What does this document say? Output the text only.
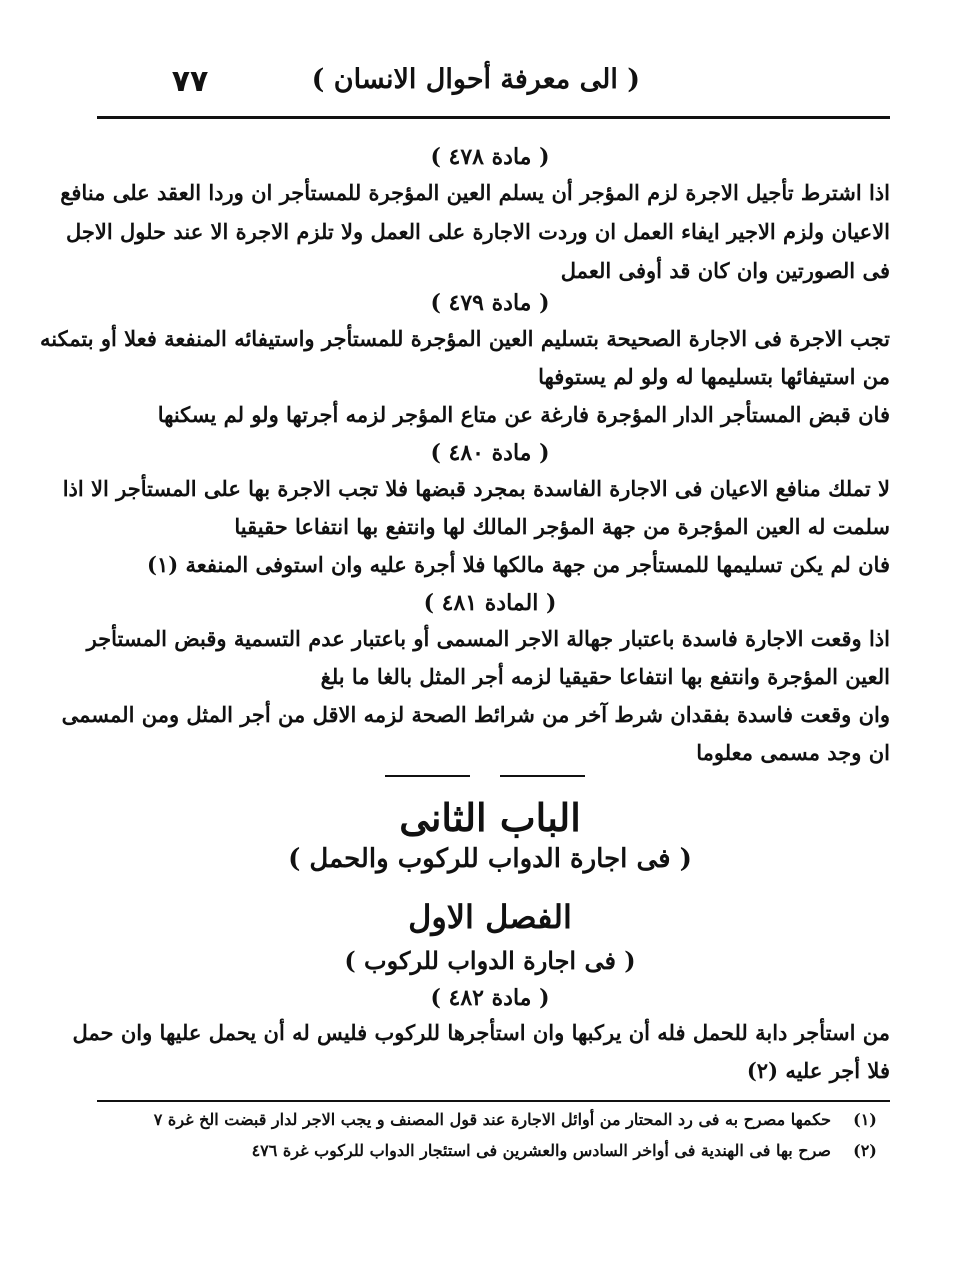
( الى معرفة أحوال الانسان )
٧٧
( مادة ٤٧٨ )
اذا اشترط تأجيل الاجرة لزم المؤجر أن يسلم العين المؤجرة للمستأجر ان وردا العقد على منافع
الاعيان ولزم الاجير ايفاء العمل ان وردت الاجارة على العمل ولا تلزم الاجرة الا عند حلول الاجل
فى الصورتين وان كان قد أوفى العمل
( مادة ٤٧٩ )
تجب الاجرة فى الاجارة الصحيحة بتسليم العين المؤجرة للمستأجر واستيفائه المنفعة فعلا أو بتمكنه
من استيفائها بتسليمها له ولو لم يستوفها
فان قبض المستأجر الدار المؤجرة فارغة عن متاع المؤجر لزمه أجرتها ولو لم يسكنها
( مادة ٤٨٠ )
لا تملك منافع الاعيان فى الاجارة الفاسدة بمجرد قبضها فلا تجب الاجرة بها على المستأجر الا اذا
سلمت له العين المؤجرة من جهة المؤجر المالك لها وانتفع بها انتفاعا حقيقيا
فان لم يكن تسليمها للمستأجر من جهة مالكها فلا أجرة عليه وان استوفى المنفعة (١)
( المادة ٤٨١ )
اذا وقعت الاجارة فاسدة باعتبار جهالة الاجر المسمى أو باعتبار عدم التسمية وقبض المستأجر
العين المؤجرة وانتفع بها انتفاعا حقيقيا لزمه أجر المثل بالغا ما بلغ
وان وقعت فاسدة بفقدان شرط آخر من شرائط الصحة لزمه الاقل من أجر المثل ومن المسمى
ان وجد مسمى معلوما
الباب الثانى
( فى اجارة الدواب للركوب والحمل )
الفصل الاول
( فى اجارة الدواب للركوب )
( مادة ٤٨٢ )
من استأجر دابة للحمل فله أن يركبها وان استأجرها للركوب فليس له أن يحمل عليها وان حمل
فلا أجر عليه (٢)
(١)حكمها مصرح به فى رد المحتار من أوائل الاجارة عند قول المصنف و يجب الاجر لدار قبضت الخ غرة ٧
(٢)صرح بها فى الهندية فى أواخر السادس والعشرين فى استئجار الدواب للركوب غرة ٤٧٦
